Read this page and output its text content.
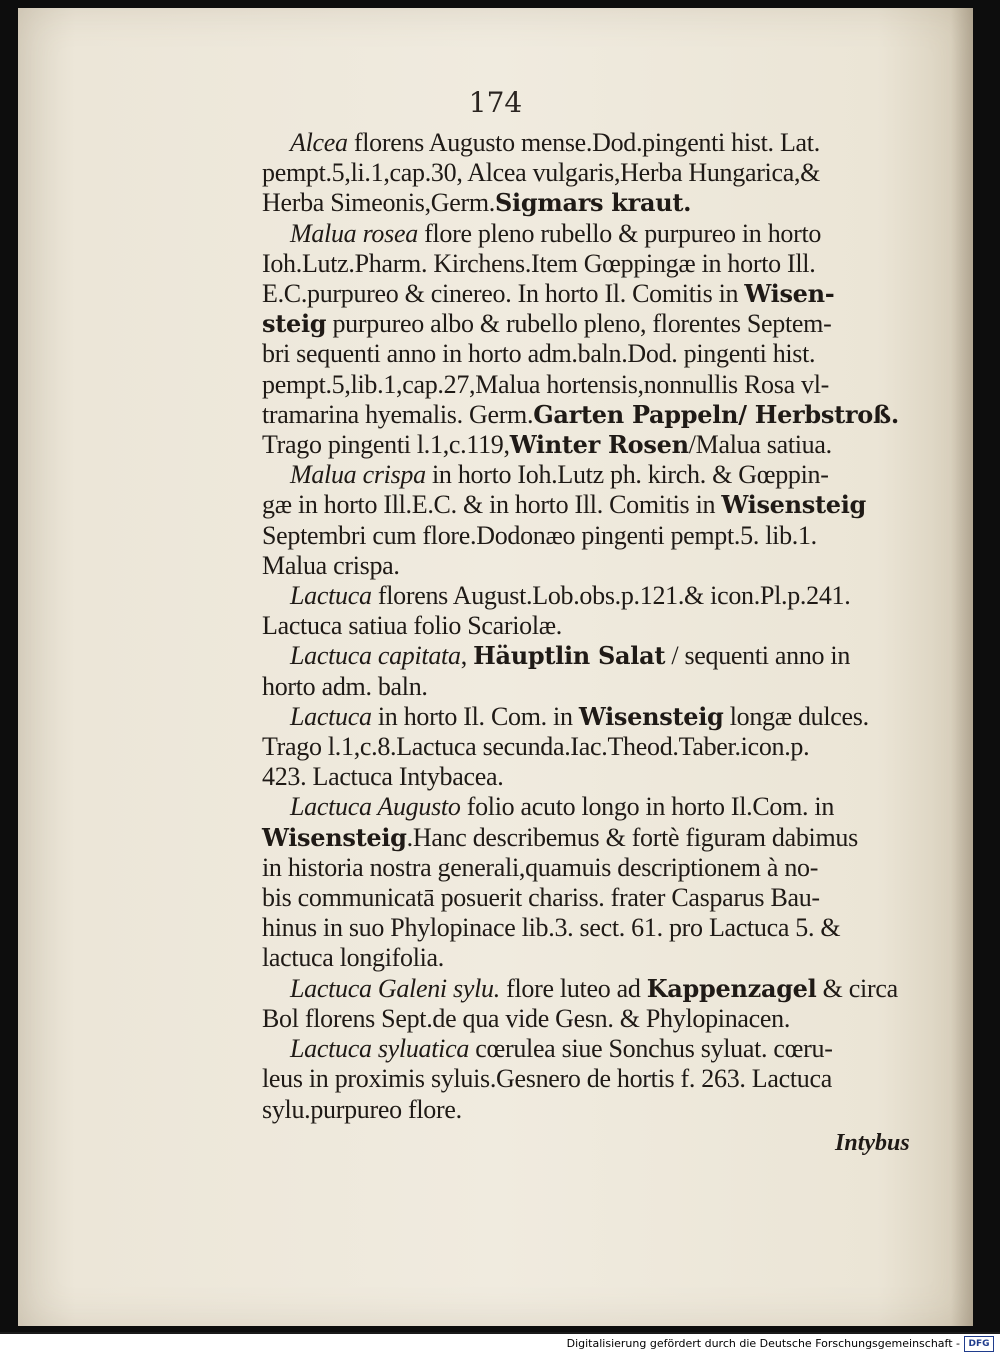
174
Alcea florens Augusto mense.Dod.pingenti hist. Lat.
pempt.5,li.1,cap.30, Alcea vulgaris,Herba Hungarica,&
Herba Simeonis,Germ.Sigmars kraut.
Malua rosea flore pleno rubello & purpureo in horto
Ioh.Lutz.Pharm. Kirchens.Item Gœppingæ in horto Ill.
E.C.purpureo & cinereo. In horto Il. Comitis in Wisen-
steig purpureo albo & rubello pleno, florentes Septem-
bri sequenti anno in horto adm.baln.Dod. pingenti hist.
pempt.5,lib.1,cap.27,Malua hortensis,nonnullis Rosa vl-
tramarina hyemalis. Germ.Garten Pappeln/ Herbstroß.
Trago pingenti l.1,c.119,Winter Rosen/Malua satiua.
Malua crispa in horto Ioh.Lutz ph. kirch. & Gœppin-
gæ in horto Ill.E.C. & in horto Ill. Comitis in Wisensteig
Septembri cum flore.Dodonæo pingenti pempt.5. lib.1.
Malua crispa.
Lactuca florens August.Lob.obs.p.121.& icon.Pl.p.241.
Lactuca satiua folio Scariolæ.
Lactuca capitata, Häuptlin Salat / sequenti anno in
horto adm. baln.
Lactuca in horto Il. Com. in Wisensteig longæ dulces.
Trago l.1,c.8.Lactuca secunda.Iac.Theod.Taber.icon.p.
423. Lactuca Intybacea.
Lactuca Augusto folio acuto longo in horto Il.Com. in
Wisensteig.Hanc describemus & fortè figuram dabimus
in historia nostra generali,quamuis descriptionem à no-
bis communicatā posuerit chariss. frater Casparus Bau-
hinus in suo Phylopinace lib.3. sect. 61. pro Lactuca 5. &
lactuca longifolia.
Lactuca Galeni sylu. flore luteo ad Kappenzagel & circa
Bol florens Sept.de qua vide Gesn. & Phylopinacen.
Lactuca syluatica cœrulea siue Sonchus syluat. cœru-
leus in proximis syluis.Gesnero de hortis f. 263. Lactuca
sylu.purpureo flore.
Intybus
Digitalisierung gefördert durch die Deutsche Forschungsgemeinschaft - DFG
